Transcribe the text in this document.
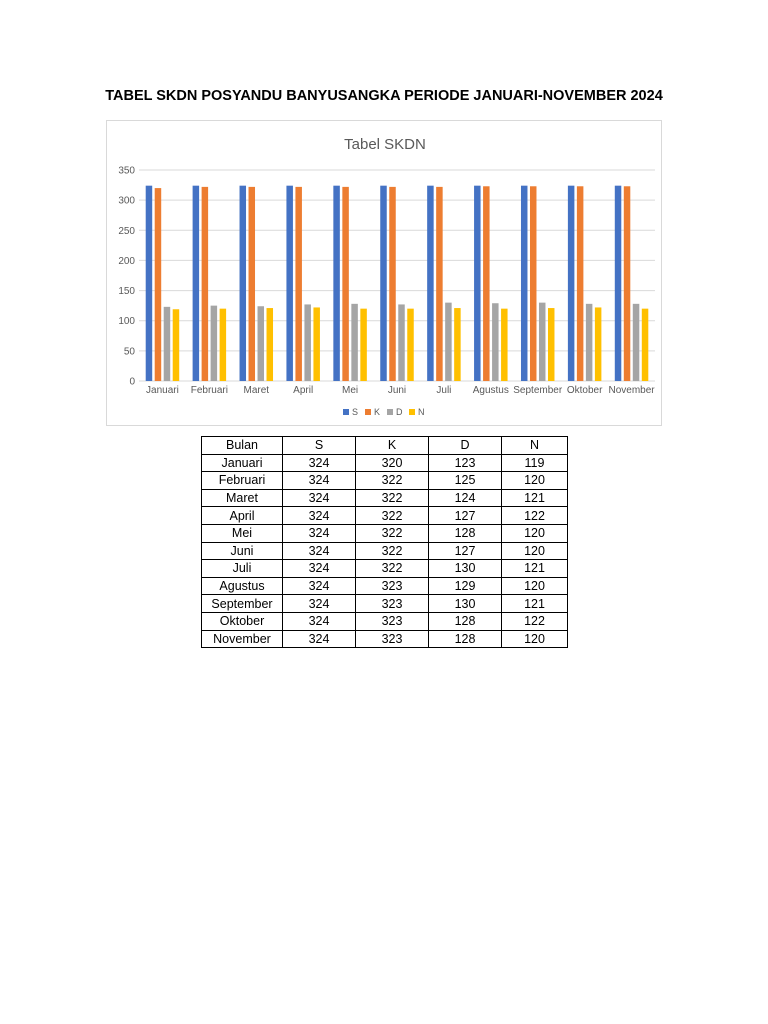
TABEL SKDN POSYANDU BANYUSANGKA PERIODE JANUARI-NOVEMBER 2024
Tabel SKDN
0
50
100
150
200
250
300
350
Januari Februari Maret April	Mei	Juni	Juli Agustus September Oktober November
S K D N
Bulan	S	K	D	N
Januari	324	320	123	119
Februari	324	322	125	120
Maret	324	322	124	121
April	324	322	127	122
Mei	324	322	128	120
Juni	324	322	127	120
Juli	324	322	130	121
Agustus	324	323	129	120
September	324	323	130	121
Oktober	324	323	128	122
November	324	323	128	120
